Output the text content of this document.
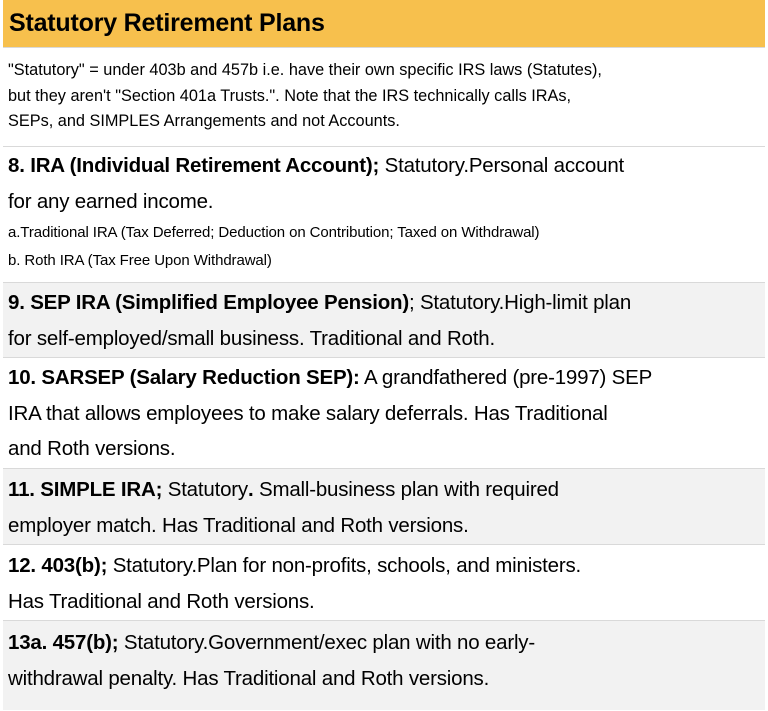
Statutory Retirement Plans
"Statutory" = under 403b and 457b i.e. have their own specific IRS laws (Statutes),
but they aren't "Section 401a Trusts.". Note that the IRS technically calls IRAs,
SEPs, and SIMPLES Arrangements and not Accounts.
8. IRA (Individual Retirement Account); Statutory.Personal account
for any earned income.
a.Traditional IRA (Tax Deferred; Deduction on Contribution; Taxed on Withdrawal)
b. Roth IRA (Tax Free Upon Withdrawal)
9. SEP IRA (Simplified Employee Pension); Statutory.High-limit plan
for self-employed/small business. Traditional and Roth.
10. SARSEP (Salary Reduction SEP): A grandfathered (pre-1997) SEP
IRA that allows employees to make salary deferrals. Has Traditional
and Roth versions.
11. SIMPLE IRA; Statutory. Small-business plan with required
employer match. Has Traditional and Roth versions.
12. 403(b); Statutory.Plan for non-profits, schools, and ministers.
Has Traditional and Roth versions.
13a. 457(b); Statutory.Government/exec plan with no early-
withdrawal penalty. Has Traditional and Roth versions.
